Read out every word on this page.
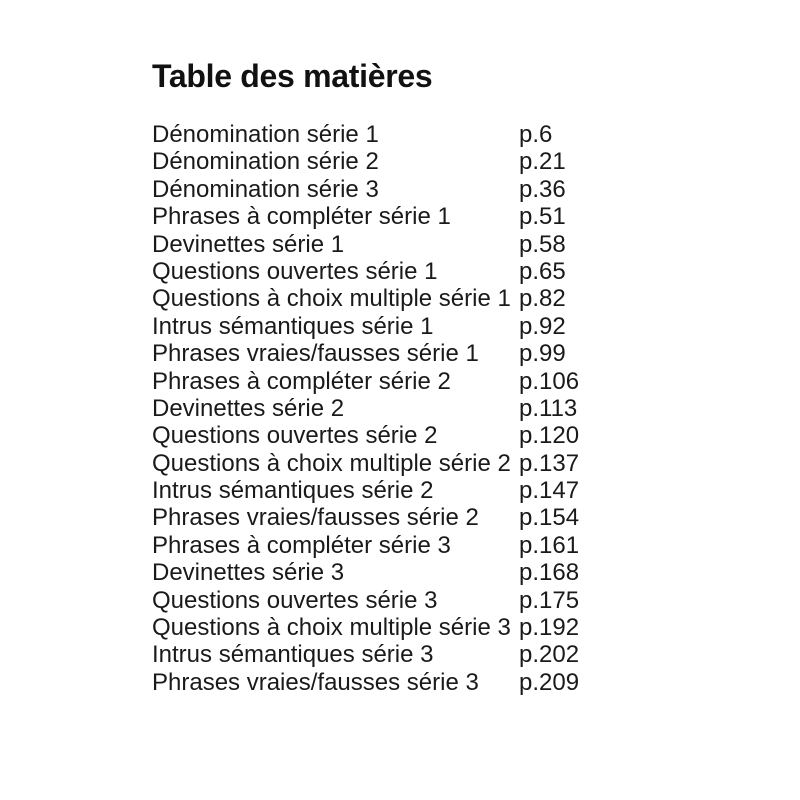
Table des matières
Dénomination série 1	p.6
Dénomination série 2	p.21
Dénomination série 3	p.36
Phrases à compléter série 1	p.51
Devinettes série 1	p.58
Questions ouvertes série 1	p.65
Questions à choix multiple série 1 p.82
Intrus sémantiques série 1	p.92
Phrases vraies/fausses série 1 p.99
Phrases à compléter série 2	p.106
Devinettes série 2	p.113
Questions ouvertes série 2	p.120
Questions à choix multiple série 2 p.137
Intrus sémantiques série 2	p.147
Phrases vraies/fausses série 2 p.154
Phrases à compléter série 3	p.161
Devinettes série 3	p.168
Questions ouvertes série 3	p.175
Questions à choix multiple série 3 p.192
Intrus sémantiques série 3	p.202
Phrases vraies/fausses série 3 p.209
